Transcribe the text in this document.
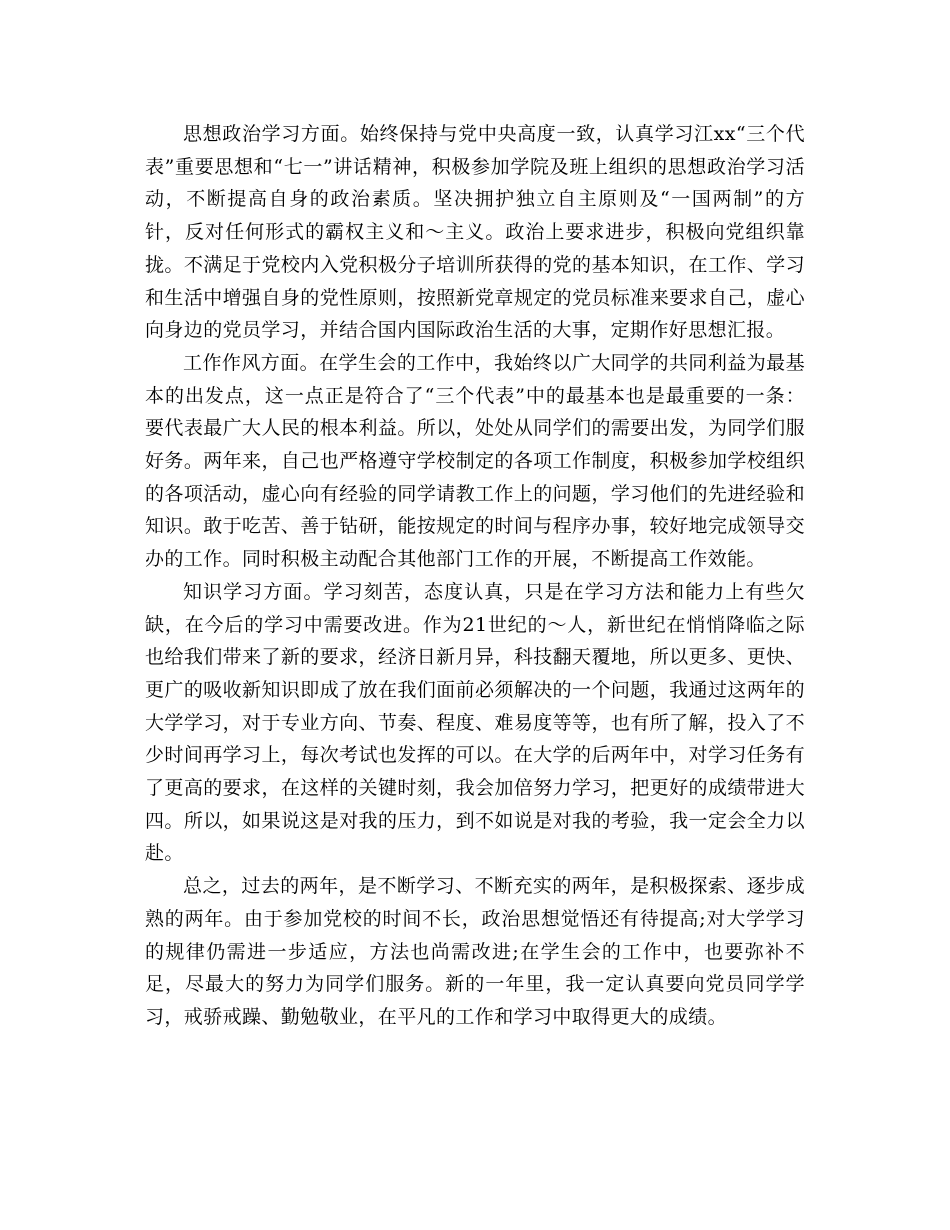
思想政治学习方面。始终保持与党中央高度一致，认真学习江xx“三个代表”重要思想和“七一”讲话精神，积极参加学院及班上组织的思想政治学习活动，不断提高自身的政治素质。坚决拥护独立自主原则及“一国两制”的方针，反对任何形式的霸权主义和～主义。政治上要求进步，积极向党组织靠拢。不满足于党校内入党积极分子培训所获得的党的基本知识，在工作、学习和生活中增强自身的党性原则，按照新党章规定的党员标准来要求自己，虚心向身边的党员学习，并结合国内国际政治生活的大事，定期作好思想汇报。

工作作风方面。在学生会的工作中，我始终以广大同学的共同利益为最基本的出发点，这一点正是符合了“三个代表”中的最基本也是最重要的一条：要代表最广大人民的根本利益。所以，处处从同学们的需要出发，为同学们服好务。两年来，自己也严格遵守学校制定的各项工作制度，积极参加学校组织的各项活动，虚心向有经验的同学请教工作上的问题，学习他们的先进经验和知识。敢于吃苦、善于钻研，能按规定的时间与程序办事，较好地完成领导交办的工作。同时积极主动配合其他部门工作的开展，不断提高工作效能。

知识学习方面。学习刻苦，态度认真，只是在学习方法和能力上有些欠缺，在今后的学习中需要改进。作为21世纪的～人，新世纪在悄悄降临之际也给我们带来了新的要求，经济日新月异，科技翻天覆地，所以更多、更快、更广的吸收新知识即成了放在我们面前必须解决的一个问题，我通过这两年的大学学习，对于专业方向、节奏、程度、难易度等等，也有所了解，投入了不少时间再学习上，每次考试也发挥的可以。在大学的后两年中，对学习任务有了更高的要求，在这样的关键时刻，我会加倍努力学习，把更好的成绩带进大四。所以，如果说这是对我的压力，到不如说是对我的考验，我一定会全力以赴。

总之，过去的两年，是不断学习、不断充实的两年，是积极探索、逐步成熟的两年。由于参加党校的时间不长，政治思想觉悟还有待提高;对大学学习的规律仍需进一步适应，方法也尚需改进;在学生会的工作中，也要弥补不足，尽最大的努力为同学们服务。新的一年里，我一定认真要向党员同学学习，戒骄戒躁、勤勉敬业，在平凡的工作和学习中取得更大的成绩。
